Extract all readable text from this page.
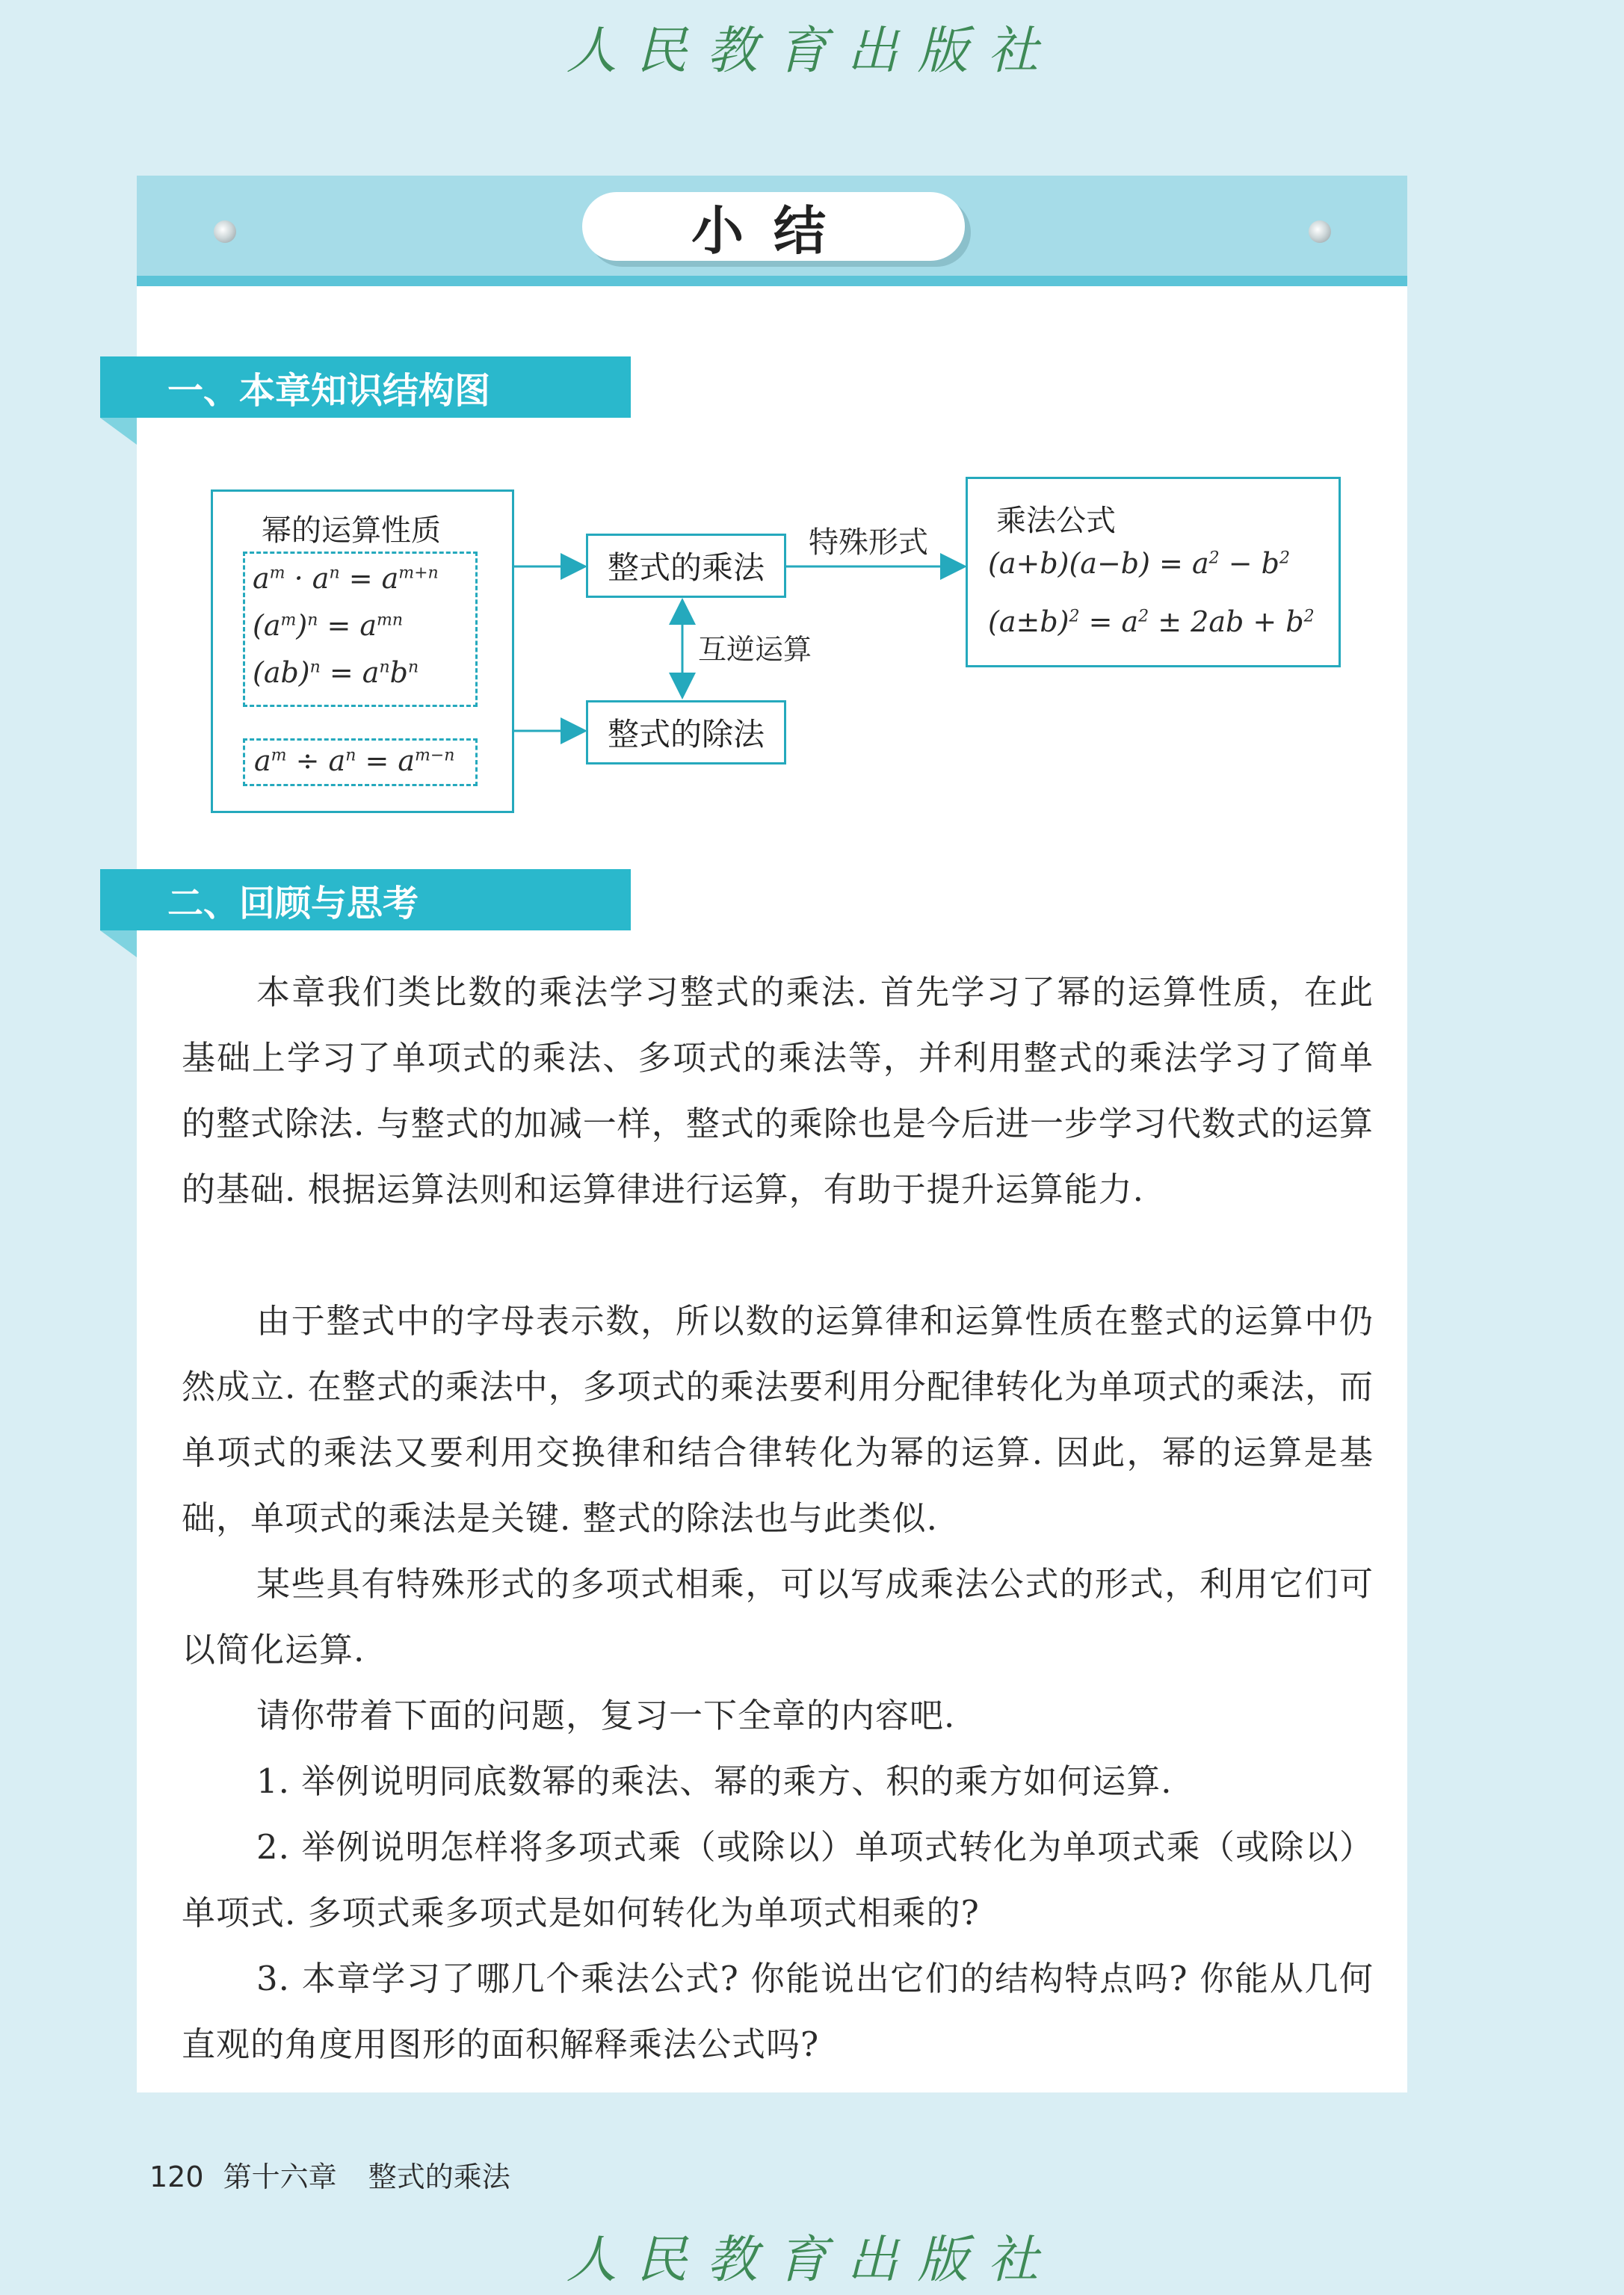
人民教育出版社
小结
一、本章知识结构图
幂的运算性质
$a^m \cdot a^n = a^{m+n}$
$(a^m)^n = a^{mn}$
$(ab)^n = a^nb^n$
$a^m \div a^n = a^{m-n}$
整式的乘法
整式的除法
特殊形式
互逆运算
乘法公式
$(a+b)(a-b) = a^2 - b^2$
$(a\pm b)^2 = a^2 \pm 2ab + b^2$
二、回顾与思考
本章我们类比数的乘法学习整式的乘法. 首先学习了幂的运算性质，在此基础上学习了单项式的乘法、多项式的乘法等，并利用整式的乘法学习了简单的整式除法. 与整式的加减一样，整式的乘除也是今后进一步学习代数式的运算的基础. 根据运算法则和运算律进行运算，有助于提升运算能力.
由于整式中的字母表示数，所以数的运算律和运算性质在整式的运算中仍然成立. 在整式的乘法中，多项式的乘法要利用分配律转化为单项式的乘法，而单项式的乘法又要利用交换律和结合律转化为幂的运算. 因此，幂的运算是基础，单项式的乘法是关键. 整式的除法也与此类似.
某些具有特殊形式的多项式相乘，可以写成乘法公式的形式，利用它们可以简化运算.
请你带着下面的问题，复习一下全章的内容吧.
1. 举例说明同底数幂的乘法、幂的乘方、积的乘方如何运算.
2. 举例说明怎样将多项式乘（或除以）单项式转化为单项式乘（或除以）单项式. 多项式乘多项式是如何转化为单项式相乘的?
3. 本章学习了哪几个乘法公式? 你能说出它们的结构特点吗? 你能从几何直观的角度用图形的面积解释乘法公式吗?
120 第十六章 整式的乘法
人民教育出版社
